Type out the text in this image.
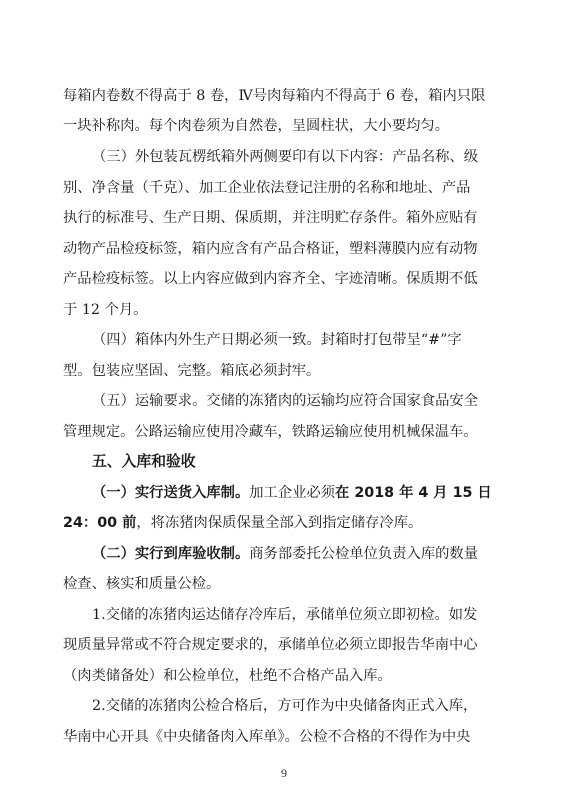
每箱内卷数不得高于 8 卷，Ⅳ号肉每箱内不得高于 6 卷，箱内只限
一块补称肉。每个肉卷须为自然卷，呈圆柱状，大小要均匀。
（三）外包装瓦楞纸箱外两侧要印有以下内容：产品名称、级
别、净含量（千克）、加工企业依法登记注册的名称和地址、产品
执行的标准号、生产日期、保质期，并注明贮存条件。箱外应贴有
动物产品检疫标签，箱内应含有产品合格证，塑料薄膜内应有动物
产品检疫标签。以上内容应做到内容齐全、字迹清晰。保质期不低
于 12 个月。
（四）箱体内外生产日期必须一致。封箱时打包带呈“#”字
型。包装应坚固、完整。箱底必须封牢。
（五）运输要求。交储的冻猪肉的运输均应符合国家食品安全
管理规定。公路运输应使用冷藏车，铁路运输应使用机械保温车。
五、入库和验收
（一）实行送货入库制。加工企业必须在 2018 年 4 月 15 日
24：00 前，将冻猪肉保质保量全部入到指定储存冷库。
（二）实行到库验收制。商务部委托公检单位负责入库的数量
检查、核实和质量公检。
1.交储的冻猪肉运达储存冷库后，承储单位须立即初检。如发
现质量异常或不符合规定要求的，承储单位必须立即报告华南中心
（肉类储备处）和公检单位，杜绝不合格产品入库。
2.交储的冻猪肉公检合格后，方可作为中央储备肉正式入库，
华南中心开具《中央储备肉入库单》。公检不合格的不得作为中央
9
